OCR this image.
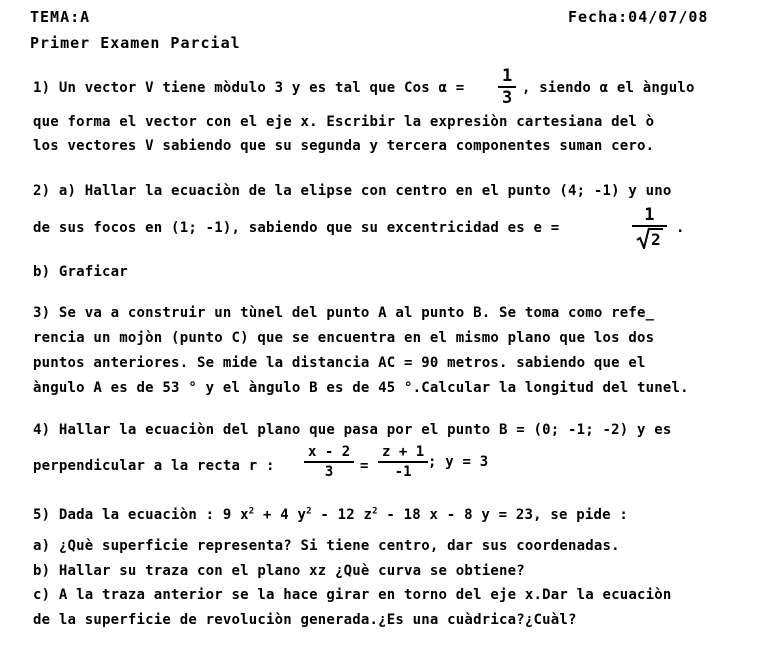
TEMA:A	Fecha:04/07/08
Primer Examen Parcial
1) Un vector V tiene mòdulo 3 y es tal que Cos α =
1
3 , siendo α el àngulo
que forma el vector con el eje x. Escribir la expresiòn cartesiana del ò
los vectores V sabiendo que su segunda y tercera componentes suman cero.
2) a) Hallar la ecuaciòn de la elipse con centro en el punto (4; -1) y uno
de sus focos en (1; -1), sabiendo que su excentricidad es e =
1
2
.
b) Graficar
3) Se va a construir un tùnel del punto A al punto B. Se toma como refe_
rencia un mojòn (punto C) que se encuentra en el mismo plano que los dos
puntos anteriores. Se mide la distancia AC = 90 metros. sabiendo que el
àngulo A es de 53 ° y el àngulo B es de 45 °.Calcular la longitud del tunel.
4) Hallar la ecuaciòn del plano que pasa por el punto B = (0; -1; -2) y es
perpendicular a la recta r :
x - 2
3 =
z + 1
-1
; y = 3
5) Dada la ecuaciòn : 9 $x^2 + 4$ $y^2 - 12$ $z^2 - 18$ x - 8 y = 23, se pide :
a) ¿Què superficie representa? Si tiene centro, dar sus coordenadas.
b) Hallar su traza con el plano xz ¿Què curva se obtiene?
c) A la traza anterior se la hace girar en torno del eje x.Dar la ecuaciòn
de la superficie de revoluciòn generada.¿Es una cuàdrica?¿Cuàl?
